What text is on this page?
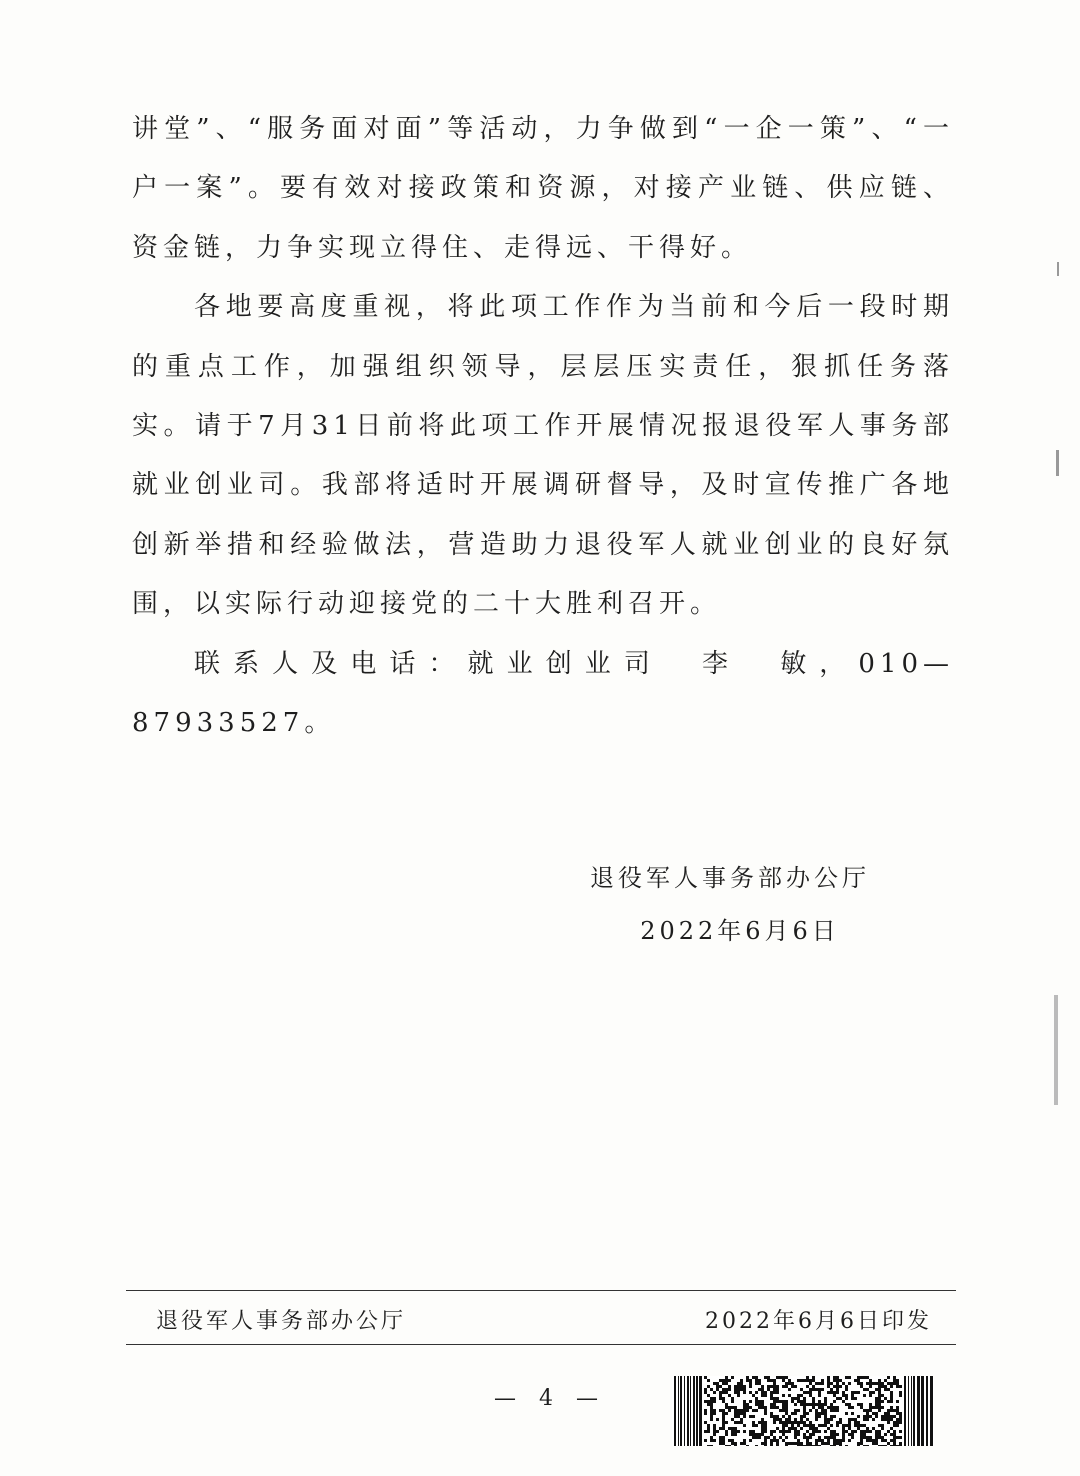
讲堂”、“服务面对面”等活动，力争做到“一企一策”、“一户一案”。要有效对接政策和资源，对接产业链、供应链、资金链，力争实现立得住、走得远、干得好。

各地要高度重视，将此项工作作为当前和今后一段时期的重点工作，加强组织领导，层层压实责任，狠抓任务落实。请于7月31日前将此项工作开展情况报退役军人事务部就业创业司。我部将适时开展调研督导，及时宣传推广各地创新举措和经验做法，营造助力退役军人就业创业的良好氛围，以实际行动迎接党的二十大胜利召开。

联系人及电话：就业创业司　李　敏，010—87933527。

退役军人事务部办公厅
2022年6月6日
退役军人事务部办公厅	2022年6月6日印发
— 4 —
